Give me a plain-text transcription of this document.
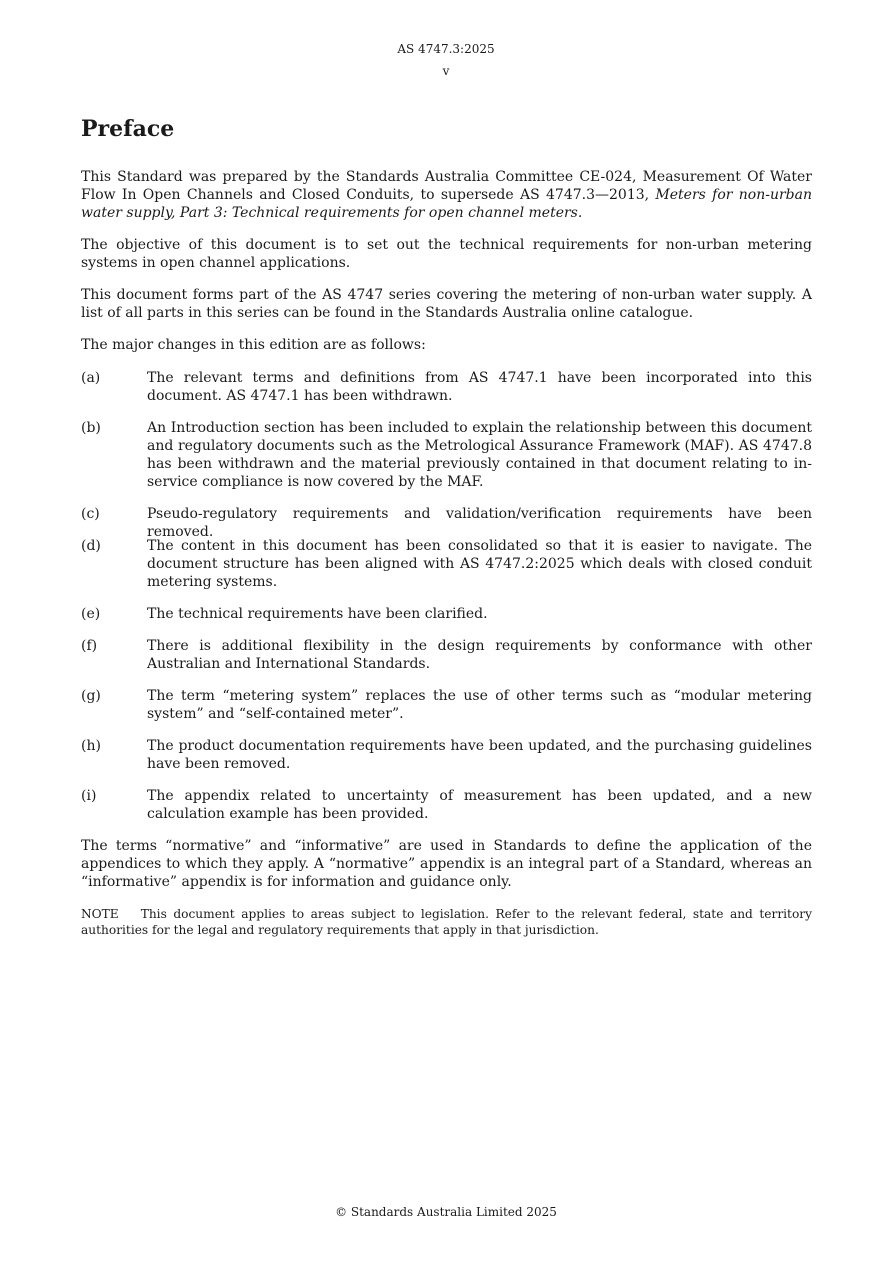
AS 4747.3:2025
v
Preface

This Standard was prepared by the Standards Australia Committee CE-024, Measurement Of Water Flow In Open Channels and Closed Conduits, to supersede AS 4747.3—2013, Meters for non-urban water supply, Part 3: Technical requirements for open channel meters.

The objective of this document is to set out the technical requirements for non-urban metering systems in open channel applications.

This document forms part of the AS 4747 series covering the metering of non-urban water supply. A list of all parts in this series can be found in the Standards Australia online catalogue.

The major changes in this edition are as follows:

(a)	The relevant terms and definitions from AS 4747.1 have been incorporated into this document. AS 4747.1 has been withdrawn.
(b)	An Introduction section has been included to explain the relationship between this document and regulatory documents such as the Metrological Assurance Framework (MAF). AS 4747.8 has been withdrawn and the material previously contained in that document relating to in-service compliance is now covered by the MAF.
(c)	Pseudo-regulatory requirements and validation/verification requirements have been removed.
(d)	The content in this document has been consolidated so that it is easier to navigate. The document structure has been aligned with AS 4747.2:2025 which deals with closed conduit metering systems.
(e)	The technical requirements have been clarified.
(f)	There is additional flexibility in the design requirements by conformance with other Australian and International Standards.
(g)	The term “metering system” replaces the use of other terms such as “modular metering system” and “self-contained meter”.
(h)	The product documentation requirements have been updated, and the purchasing guidelines have been removed.
(i)	The appendix related to uncertainty of measurement has been updated, and a new calculation example has been provided.

The terms “normative” and “informative” are used in Standards to define the application of the appendices to which they apply. A “normative” appendix is an integral part of a Standard, whereas an “informative” appendix is for information and guidance only.

NOTE This document applies to areas subject to legislation. Refer to the relevant federal, state and territory authorities for the legal and regulatory requirements that apply in that jurisdiction.

© Standards Australia Limited 2025
